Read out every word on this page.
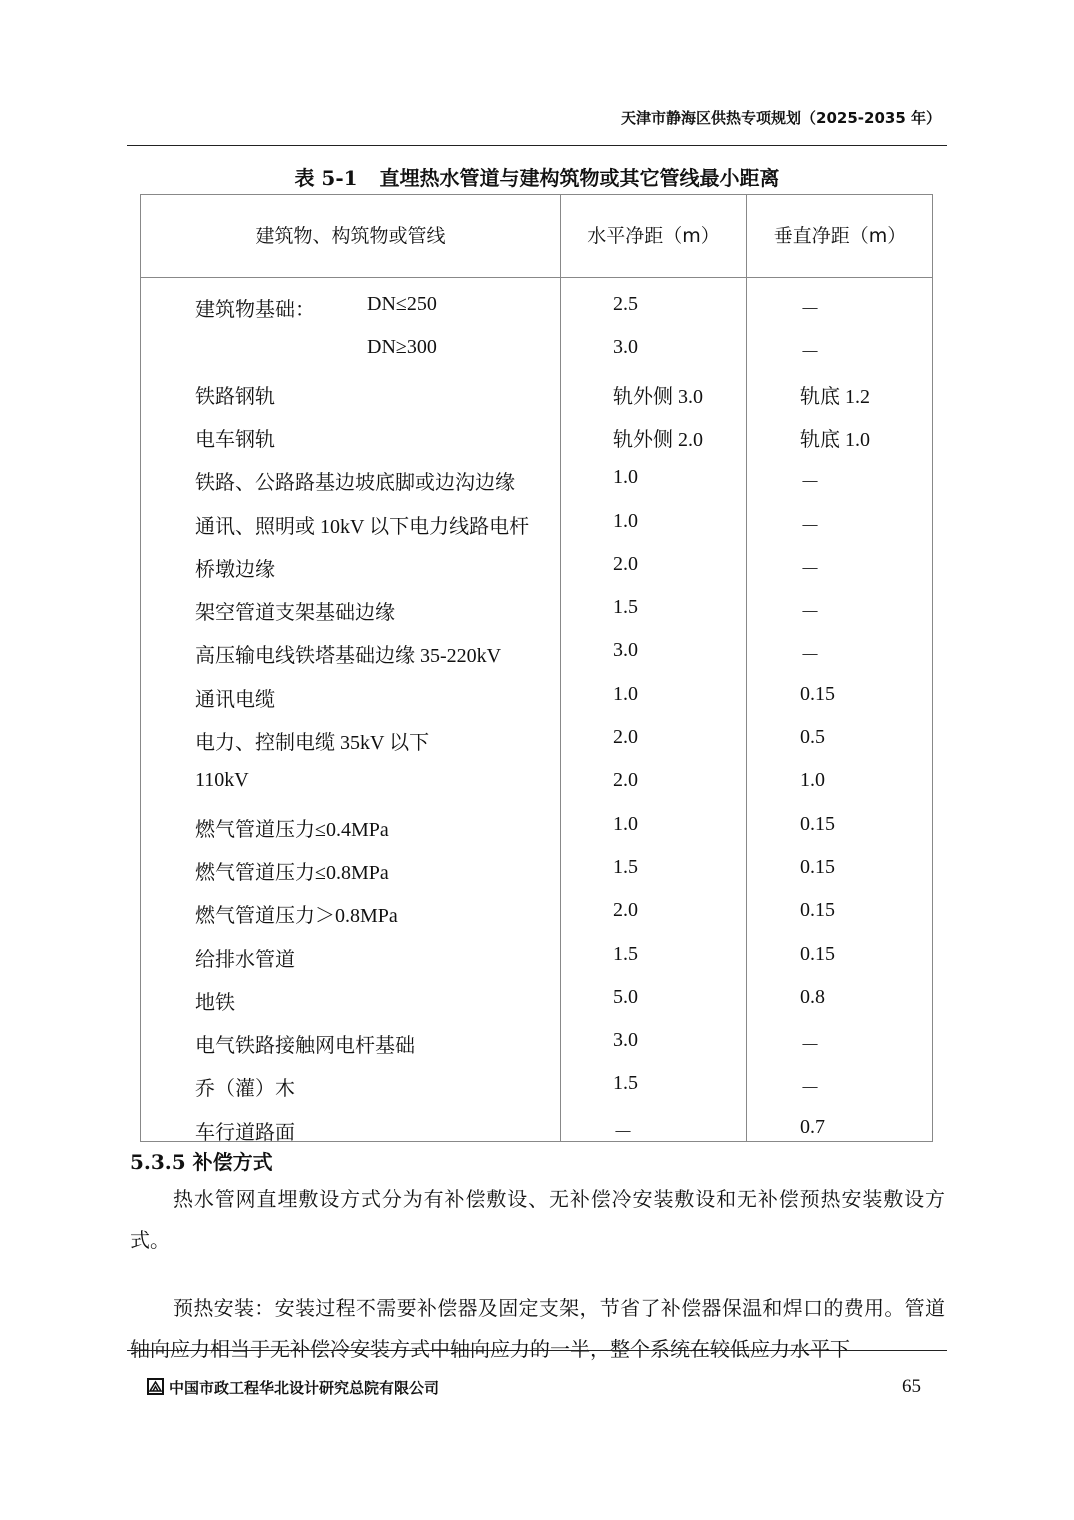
天津市静海区供热专项规划（2025-2035 年）
表 5-1 直埋热水管道与建构筑物或其它管线最小距离
建筑物、构筑物或管线	水平净距（m）	垂直净距（m）
建筑物基础：	DN≤250	2.5	－
DN≥300	3.0	－
铁路钢轨	轨外侧 3.0	轨底 1.2
电车钢轨	轨外侧 2.0	轨底 1.0
铁路、公路路基边坡底脚或边沟边缘	1.0	－
通讯、照明或 10kV 以下电力线路电杆	1.0	－
桥墩边缘	2.0	－
架空管道支架基础边缘	1.5	－
高压输电线铁塔基础边缘 35-220kV	3.0	－
通讯电缆	1.0	0.15
电力、控制电缆 35kV 以下	2.0	0.5
110kV	2.0	1.0
燃气管道压力≤0.4MPa	1.0	0.15
燃气管道压力≤0.8MPa	1.5	0.15
燃气管道压力＞0.8MPa	2.0	0.15
给排水管道	1.5	0.15
地铁	5.0	0.8
电气铁路接触网电杆基础	3.0	－
乔（灌）木	1.5	－
车行道路面	－	0.7
5.3.5 补偿方式
热水管网直埋敷设方式分为有补偿敷设、无补偿冷安装敷设和无补偿预热安装敷设方式。
预热安装：安装过程不需要补偿器及固定支架，节省了补偿器保温和焊口的费用。管道轴向应力相当于无补偿冷安装方式中轴向应力的一半，整个系统在较低应力水平下
中国市政工程华北设计研究总院有限公司	65
